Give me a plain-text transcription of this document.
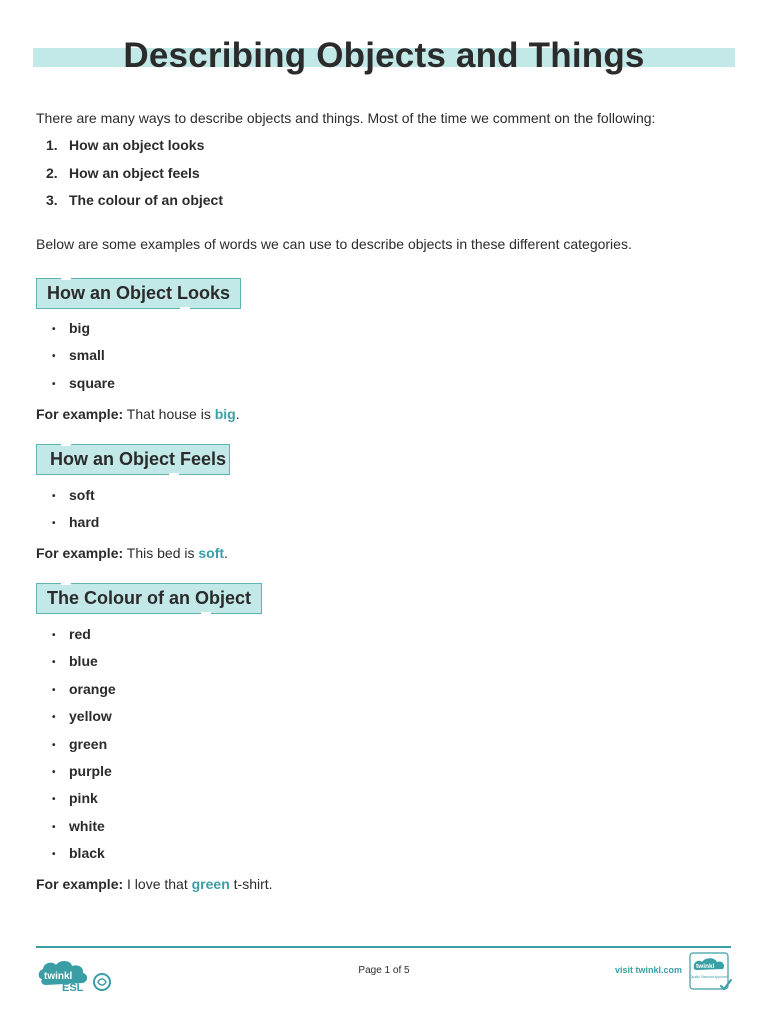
Describing Objects and Things
There are many ways to describe objects and things. Most of the time we comment on the following:
1. How an object looks
2. How an object feels
3. The colour of an object
Below are some examples of words we can use to describe objects in these different categories.
How an Object Looks
• big
• small
• square
For example: That house is big.
How an Object Feels
• soft
• hard
For example: This bed is soft.
The Colour of an Object
• red
• blue
• orange
• yellow
• green
• purple
• pink
• white
• black
For example: I love that green t-shirt.
twinkl
ESL
Page 1 of 5	visit twinkl.com twinkl
Quality Standard Approved
